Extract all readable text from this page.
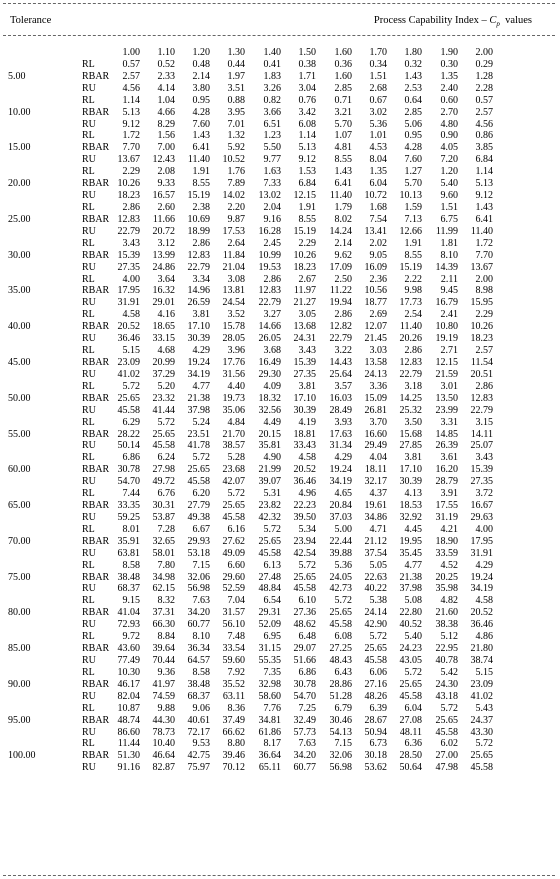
Tolerance	Process Capability Index – $C_p$ values
1.00	1.10	1.20	1.30	1.40	1.50	1.60	1.70	1.80	1.90	2.00
RL	0.57	0.52	0.48	0.44	0.41	0.38	0.36	0.34	0.32	0.30	0.29
5.00	RBAR	2.57	2.33	2.14	1.97	1.83	1.71	1.60	1.51	1.43	1.35	1.28
RU	4.56	4.14	3.80	3.51	3.26	3.04	2.85	2.68	2.53	2.40	2.28
RL	1.14	1.04	0.95	0.88	0.82	0.76	0.71	0.67	0.64	0.60	0.57
10.00	RBAR	5.13	4.66	4.28	3.95	3.66	3.42	3.21	3.02	2.85	2.70	2.57
RU	9.12	8.29	7.60	7.01	6.51	6.08	5.70	5.36	5.06	4.80	4.56
RL	1.72	1.56	1.43	1.32	1.23	1.14	1.07	1.01	0.95	0.90	0.86
15.00	RBAR	7.70	7.00	6.41	5.92	5.50	5.13	4.81	4.53	4.28	4.05	3.85
RU	13.67	12.43	11.40	10.52	9.77	9.12	8.55	8.04	7.60	7.20	6.84
RL	2.29	2.08	1.91	1.76	1.63	1.53	1.43	1.35	1.27	1.20	1.14
20.00	RBAR 10.26	9.33	8.55	7.89	7.33	6.84	6.41	6.04	5.70	5.40	5.13
RU	18.23	16.57	15.19	14.02	13.02	12.15	11.40	10.72	10.13	9.60	9.12
RL	2.86	2.60	2.38	2.20	2.04	1.91	1.79	1.68	1.59	1.51	1.43
25.00	RBAR 12.83	11.66	10.69	9.87	9.16	8.55	8.02	7.54	7.13	6.75	6.41
RU	22.79	20.72	18.99	17.53	16.28	15.19	14.24	13.41	12.66	11.99	11.40
RL	3.43	3.12	2.86	2.64	2.45	2.29	2.14	2.02	1.91	1.81	1.72
30.00	RBAR 15.39	13.99	12.83	11.84	10.99	10.26	9.62	9.05	8.55	8.10	7.70
RU	27.35	24.86	22.79	21.04	19.53	18.23	17.09	16.09	15.19	14.39	13.67
RL	4.00	3.64	3.34	3.08	2.86	2.67	2.50	2.36	2.22	2.11	2.00
35.00	RBAR 17.95	16.32	14.96	13.81	12.83	11.97	11.22	10.56	9.98	9.45	8.98
RU	31.91	29.01	26.59	24.54	22.79	21.27	19.94	18.77	17.73	16.79	15.95
RL	4.58	4.16	3.81	3.52	3.27	3.05	2.86	2.69	2.54	2.41	2.29
40.00	RBAR 20.52	18.65	17.10	15.78	14.66	13.68	12.82	12.07	11.40	10.80	10.26
RU	36.46	33.15	30.39	28.05	26.05	24.31	22.79	21.45	20.26	19.19	18.23
RL	5.15	4.68	4.29	3.96	3.68	3.43	3.22	3.03	2.86	2.71	2.57
45.00	RBAR 23.09	20.99	19.24	17.76	16.49	15.39	14.43	13.58	12.83	12.15	11.54
RU	41.02	37.29	34.19	31.56	29.30	27.35	25.64	24.13	22.79	21.59	20.51
RL	5.72	5.20	4.77	4.40	4.09	3.81	3.57	3.36	3.18	3.01	2.86
50.00	RBAR 25.65	23.32	21.38	19.73	18.32	17.10	16.03	15.09	14.25	13.50	12.83
RU	45.58	41.44	37.98	35.06	32.56	30.39	28.49	26.81	25.32	23.99	22.79
RL	6.29	5.72	5.24	4.84	4.49	4.19	3.93	3.70	3.50	3.31	3.15
55.00	RBAR 28.22	25.65	23.51	21.70	20.15	18.81	17.63	16.60	15.68	14.85	14.11
RU	50.14	45.58	41.78	38.57	35.81	33.43	31.34	29.49	27.85	26.39	25.07
RL	6.86	6.24	5.72	5.28	4.90	4.58	4.29	4.04	3.81	3.61	3.43
60.00	RBAR 30.78	27.98	25.65	23.68	21.99	20.52	19.24	18.11	17.10	16.20	15.39
RU	54.70	49.72	45.58	42.07	39.07	36.46	34.19	32.17	30.39	28.79	27.35
RL	7.44	6.76	6.20	5.72	5.31	4.96	4.65	4.37	4.13	3.91	3.72
65.00	RBAR 33.35	30.31	27.79	25.65	23.82	22.23	20.84	19.61	18.53	17.55	16.67
RU	59.25	53.87	49.38	45.58	42.32	39.50	37.03	34.86	32.92	31.19	29.63
RL	8.01	7.28	6.67	6.16	5.72	5.34	5.00	4.71	4.45	4.21	4.00
70.00	RBAR 35.91	32.65	29.93	27.62	25.65	23.94	22.44	21.12	19.95	18.90	17.95
RU	63.81	58.01	53.18	49.09	45.58	42.54	39.88	37.54	35.45	33.59	31.91
RL	8.58	7.80	7.15	6.60	6.13	5.72	5.36	5.05	4.77	4.52	4.29
75.00	RBAR 38.48	34.98	32.06	29.60	27.48	25.65	24.05	22.63	21.38	20.25	19.24
RU	68.37	62.15	56.98	52.59	48.84	45.58	42.73	40.22	37.98	35.98	34.19
RL	9.15	8.32	7.63	7.04	6.54	6.10	5.72	5.38	5.08	4.82	4.58
80.00	RBAR 41.04	37.31	34.20	31.57	29.31	27.36	25.65	24.14	22.80	21.60	20.52
RU	72.93	66.30	60.77	56.10	52.09	48.62	45.58	42.90	40.52	38.38	36.46
RL	9.72	8.84	8.10	7.48	6.95	6.48	6.08	5.72	5.40	5.12	4.86
85.00	RBAR 43.60	39.64	36.34	33.54	31.15	29.07	27.25	25.65	24.23	22.95	21.80
RU	77.49	70.44	64.57	59.60	55.35	51.66	48.43	45.58	43.05	40.78	38.74
RL	10.30	9.36	8.58	7.92	7.35	6.86	6.43	6.06	5.72	5.42	5.15
90.00	RBAR 46.17	41.97	38.48	35.52	32.98	30.78	28.86	27.16	25.65	24.30	23.09
RU	82.04	74.59	68.37	63.11	58.60	54.70	51.28	48.26	45.58	43.18	41.02
RL	10.87	9.88	9.06	8.36	7.76	7.25	6.79	6.39	6.04	5.72	5.43
95.00	RBAR 48.74	44.30	40.61	37.49	34.81	32.49	30.46	28.67	27.08	25.65	24.37
RU	86.60	78.73	72.17	66.62	61.86	57.73	54.13	50.94	48.11	45.58	43.30
RL	11.44	10.40	9.53	8.80	8.17	7.63	7.15	6.73	6.36	6.02	5.72
100.00	RBAR 51.30	46.64	42.75	39.46	36.64	34.20	32.06	30.18	28.50	27.00	25.65
RU	91.16	82.87	75.97	70.12	65.11	60.77	56.98	53.62	50.64	47.98	45.58
